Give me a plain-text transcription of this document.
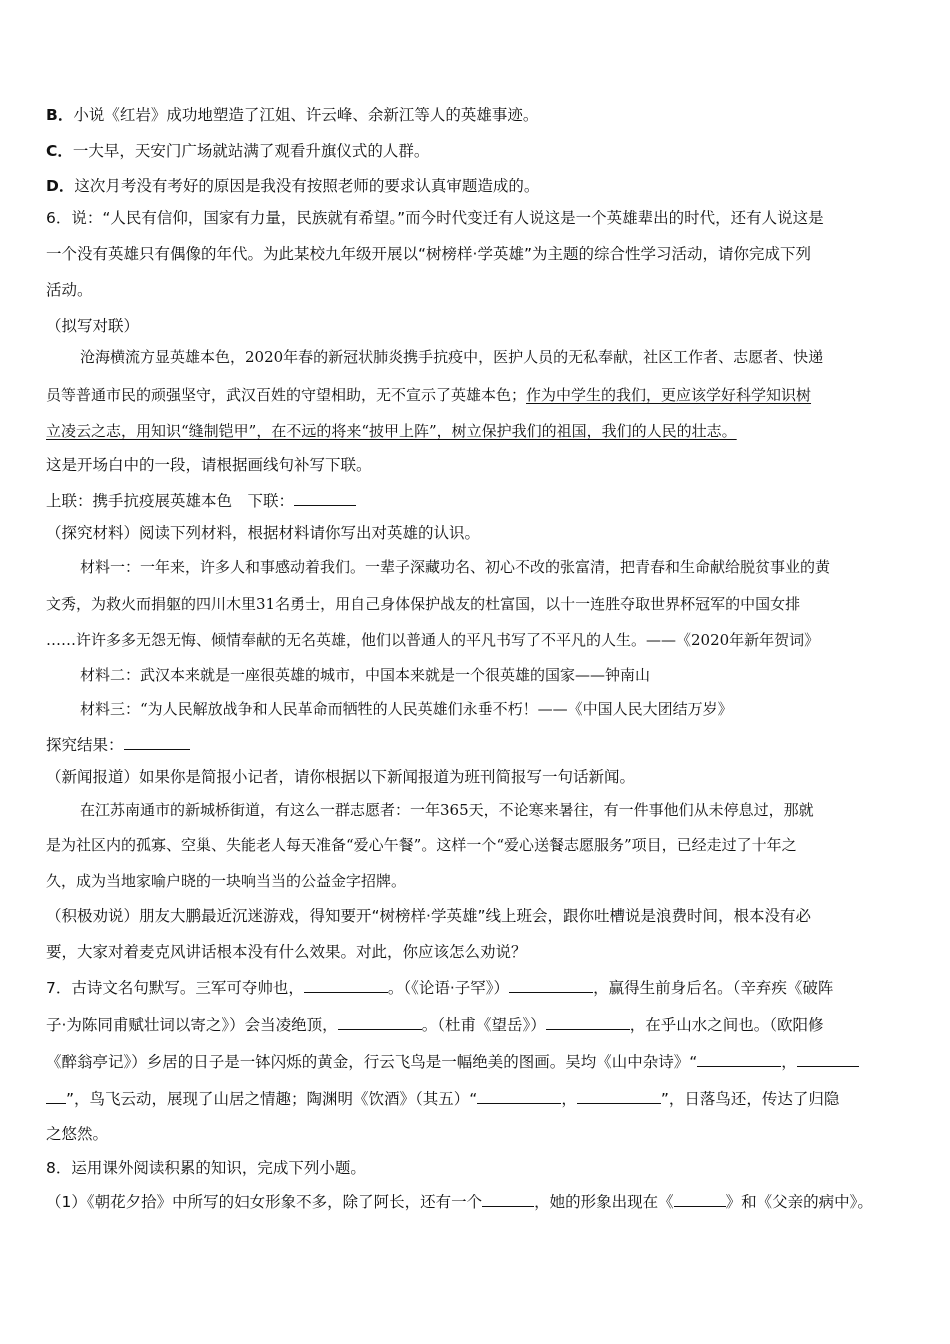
B．小说《红岩》成功地塑造了江姐、许云峰、余新江等人的英雄事迹。
C．一大早，天安门广场就站满了观看升旗仪式的人群。
D．这次月考没有考好的原因是我没有按照老师的要求认真审题造成的。
6．说：“人民有信仰，国家有力量，民族就有希望。”而今时代变迁有人说这是一个英雄辈出的时代，还有人说这是
一个没有英雄只有偶像的年代。为此某校九年级开展以“树榜样·学英雄”为主题的综合性学习活动，请你完成下列
活动。
（拟写对联）
沧海横流方显英雄本色，2020年春的新冠状肺炎携手抗疫中，医护人员的无私奉献，社区工作者、志愿者、快递
员等普通市民的顽强坚守，武汉百姓的守望相助，无不宣示了英雄本色；作为中学生的我们，更应该学好科学知识树
立凌云之志，用知识“缝制铠甲”，在不远的将来“披甲上阵”，树立保护我们的祖国，我们的人民的壮志。
这是开场白中的一段，请根据画线句补写下联。
上联：携手抗疫展英雄本色　下联：
（探究材料）阅读下列材料，根据材料请你写出对英雄的认识。
材料一：一年来，许多人和事感动着我们。一辈子深藏功名、初心不改的张富清，把青春和生命献给脱贫事业的黄
文秀，为救火而捐躯的四川木里31名勇士，用自己身体保护战友的杜富国，以十一连胜夺取世界杯冠军的中国女排
……许许多多无怨无悔、倾情奉献的无名英雄，他们以普通人的平凡书写了不平凡的人生。——《2020年新年贺词》
材料二：武汉本来就是一座很英雄的城市，中国本来就是一个很英雄的国家——钟南山
材料三：“为人民解放战争和人民革命而牺牲的人民英雄们永垂不朽！——《中国人民大团结万岁》
探究结果：
（新闻报道）如果你是简报小记者，请你根据以下新闻报道为班刊简报写一句话新闻。
在江苏南通市的新城桥街道，有这么一群志愿者：一年365天，不论寒来暑往，有一件事他们从未停息过，那就
是为社区内的孤寡、空巢、失能老人每天准备“爱心午餐”。这样一个“爱心送餐志愿服务”项目，已经走过了十年之
久，成为当地家喻户晓的一块响当当的公益金字招牌。
（积极劝说）朋友大鹏最近沉迷游戏，得知要开“树榜样·学英雄”线上班会，跟你吐槽说是浪费时间，根本没有必
要，大家对着麦克风讲话根本没有什么效果。对此，你应该怎么劝说？
7．古诗文名句默写。三军可夺帅也，	。（《论语·子罕》）	，赢得生前身后名。（辛弃疾《破阵
子·为陈同甫赋壮词以寄之》）会当凌绝顶，	。（杜甫《望岳》）	，在乎山水之间也。（欧阳修
《醉翁亭记》）乡居的日子是一钵闪烁的黄金，行云飞鸟是一幅绝美的图画。吴均《山中杂诗》“	，
”，鸟飞云动，展现了山居之情趣；陶渊明《饮酒》（其五）“	，	”，日落鸟还，传达了归隐
之悠然。
8．运用课外阅读积累的知识，完成下列小题。
（1）《朝花夕拾》中所写的妇女形象不多，除了阿长，还有一个	，她的形象出现在《	》和《父亲的病中》。
